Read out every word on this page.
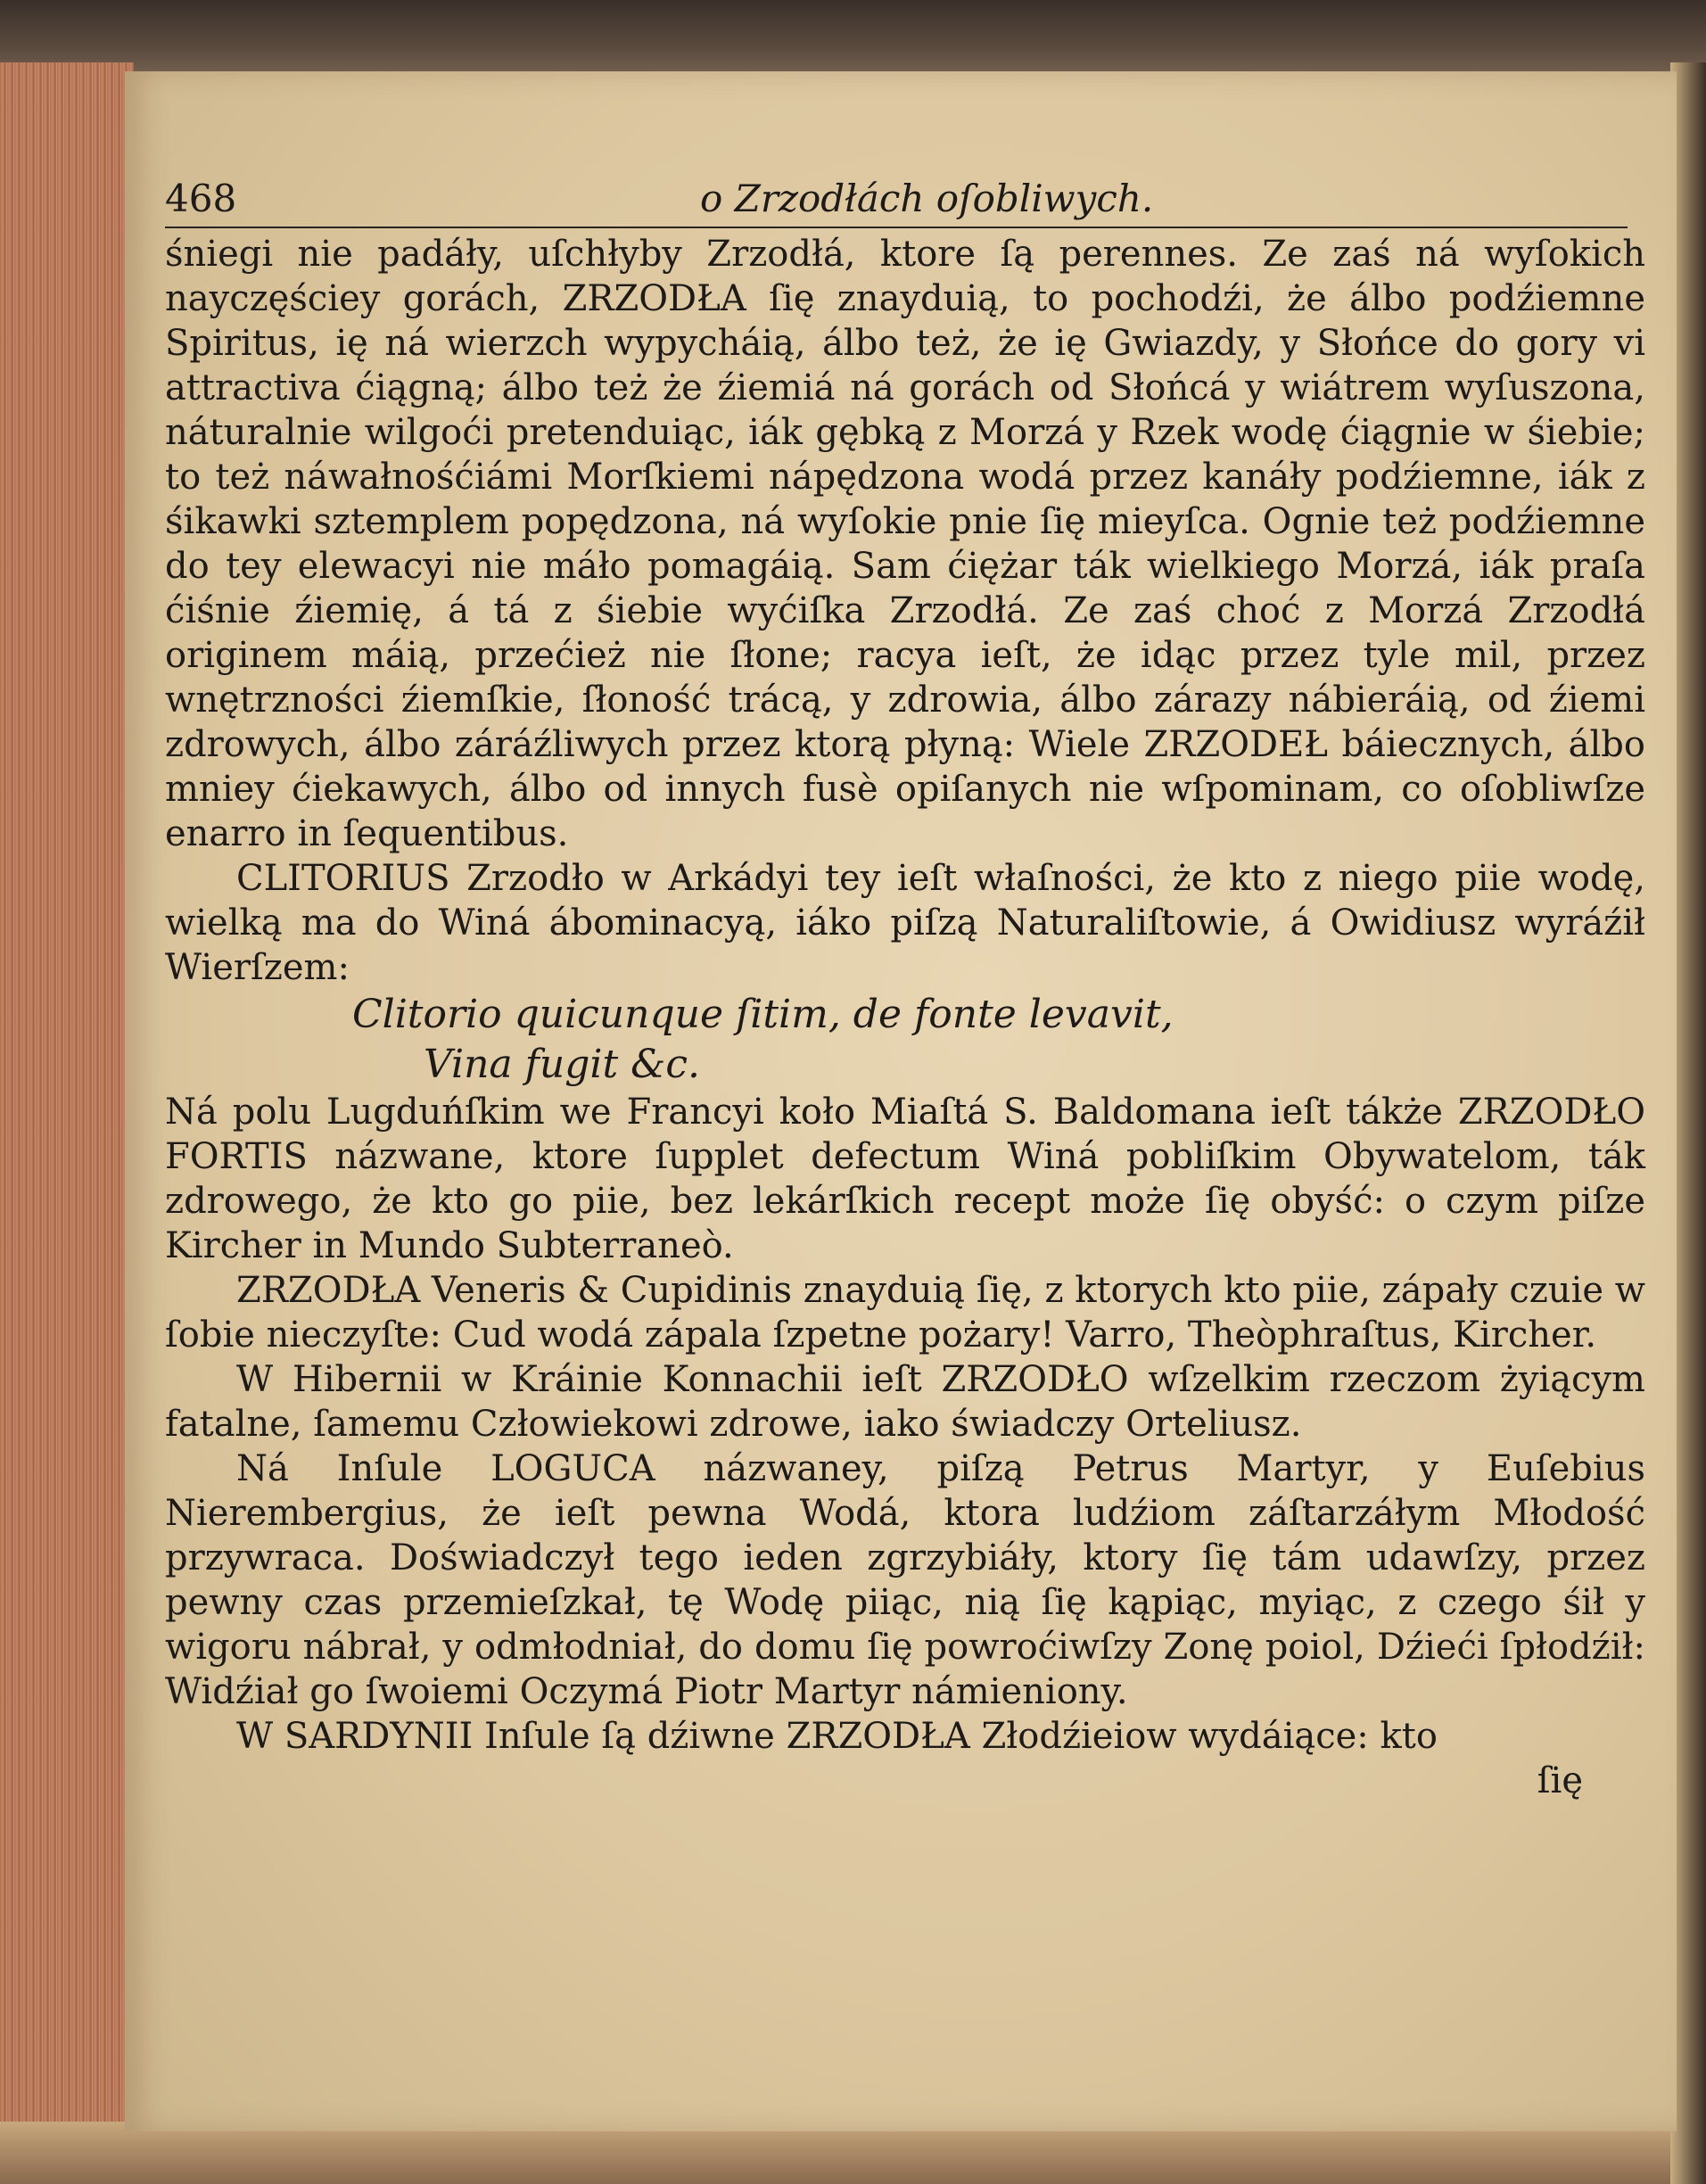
468	o Zrzodłách oſobliwych.

śniegi nie padáły, uſchłyby Zrzodłá, ktore ſą perennes. Ze zaś ná wyſokich nayczęściey gorách, ZRZODŁA ſię znayduią, to pochodźi, że álbo podźiemne Spiritus, ię ná wierzch wypycháią, álbo też, że ię Gwiazdy, y Słońce do gory vi attractiva ćiągną; álbo też że źiemiá ná gorách od Słońcá y wiátrem wyſuszona, náturalnie wilgoći pretenduiąc, iák gębką z Morzá y Rzek wodę ćiągnie w śiebie; to też náwałnośćiámi Morſkiemi nápędzona wodá przez kanáły podźiemne, iák z śikawki sztemplem popędzona, ná wyſokie pnie ſię mieyſca. Ognie też podźiemne do tey elewacyi nie máło pomagáią. Sam ćiężar ták wielkiego Morzá, iák praſa ćiśnie źiemię, á tá z śiebie wyćiſka Zrzodłá. Ze zaś choć z Morzá Zrzodłá originem máią, przećież nie ſłone; racya ieſt, że idąc przez tyle mil, przez wnętrzności źiemſkie, ſłoność trácą, y zdrowia, álbo zárazy nábieráią, od źiemi zdrowych, álbo záráźliwych przez ktorą płyną: Wiele ZRZODEŁ báiecznych, álbo mniey ćiekawych, álbo od innych fusè opiſanych nie wſpominam, co oſobliwſze enarro in ſequentibus.

CLITORIUS Zrzodło w Arkádyi tey ieſt właſności, że kto z niego piie wodę, wielką ma do Winá ábominacyą, iáko piſzą Naturaliſtowie, á Owidiusz wyráźił Wierſzem:

Clitorio quicunque ſitim, de fonte levavit,

Vina fugit &c.

Ná polu Lugduńſkim we Francyi koło Miaſtá S. Baldomana ieſt tákże ZRZODŁO FORTIS názwane, ktore ſupplet defectum Winá pobliſkim Obywatelom, ták zdrowego, że kto go piie, bez lekárſkich recept może ſię obyść: o czym piſze Kircher in Mundo Subterraneò.

ZRZODŁA Veneris & Cupidinis znayduią ſię, z ktorych kto piie, zápały czuie w ſobie nieczyſte: Cud wodá zápala ſzpetne pożary! Varro, Theòphraſtus, Kircher.

W Hibernii w Kráinie Konnachii ieſt ZRZODŁO wſzelkim rzeczom żyiącym fatalne, ſamemu Człowiekowi zdrowe, iako świadczy Orteliusz.

Ná Inſule LOGUCA názwaney, piſzą Petrus Martyr, y Euſebius Nierembergius, że ieſt pewna Wodá, ktora ludźiom záſtarzáłym Młodość przywraca. Doświadczył tego ieden zgrzybiáły, ktory ſię tám udawſzy, przez pewny czas przemieſzkał, tę Wodę piiąc, nią ſię kąpiąc, myiąc, z czego śił y wigoru nábrał, y odmłodniał, do domu ſię powroćiwſzy Zonę poiol, Dźieći ſpłodźił: Widźiał go ſwoiemi Oczymá Piotr Martyr námieniony.

W SARDYNII Inſule ſą dźiwne ZRZODŁA Złodźieiow wydáiące: kto

ſię
